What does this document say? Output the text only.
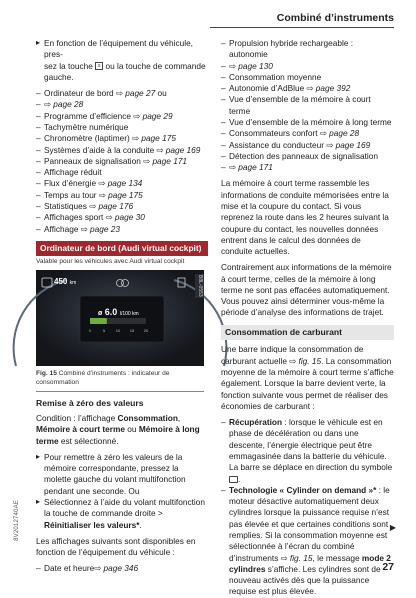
Combiné d’instruments
▸ En fonction de l’équipement du véhicule, pres-
sez la touche ≡ ou la touche de commande
gauche.
– Ordinateur de bord ⇨ page 27 ou
– ⇨ page 28
– Programme d’efficience ⇨ page 29
– Tachymètre numérique
– Chronomètre (laptimer) ⇨ page 175
– Systèmes d’aide à la conduite ⇨ page 169
– Panneaux de signalisation ⇨ page 171
– Affichage réduit
– Flux d’énergie ⇨ page 134
– Temps au tour ⇨ page 175
– Statistiques ⇨ page 176
– Affichages sport ⇨ page 30
– Affichage ⇨ page 23
Ordinateur de bord (Audi virtual cockpit)
Valable pour les véhicules avec Audi virtual cockpit
0	5	10 15 20
450 km
ø 6.0 l/100 km
B8L-0553
Fig. 15 Combiné d’instruments : indicateur de consommation
Remise à zéro des valeurs

Condition : l’affichage Consommation, Mémoire à court terme ou Mémoire à long terme est sélectionné.

▸ Pour remettre à zéro les valeurs de la mémoire correspondante, pressez la molette gauche du volant multifonction pendant une seconde. Ou
▸ Sélectionnez à l’aide du volant multifonction la touche de commande droite > Réinitialiser les valeurs*.

Les affichages suivants sont disponibles en fonction de l’équipement du véhicule :

– Date et heure⇨ page 346
– Propulsion hybride rechargeable : autonomie
– ⇨ page 130
– Consommation moyenne
– Autonomie d’AdBlue ⇨ page 392
– Vue d’ensemble de la mémoire à court terme
– Vue d’ensemble de la mémoire à long terme
– Consommateurs confort ⇨ page 28
– Assistance du conducteur ⇨ page 169
– Détection des panneaux de signalisation
– ⇨ page 171

La mémoire à court terme rassemble les informations de conduite mémorisées entre la mise et la coupure du contact. Si vous reprenez la route dans les 2 heures suivant la coupure du contact, les nouvelles données entrent dans le calcul des données de conduite actuelles.

Contrairement aux informations de la mémoire à court terme, celles de la mémoire à long terme ne sont pas effacées automatiquement. Vous pouvez ainsi déterminer vous-même la période d’analyse des informations de trajet.

Consommation de carburant

Une barre indique la consommation de carburant actuelle ⇨ fig. 15. La consommation moyenne de la mémoire à court terme s’affiche également. Lorsque la barre devient verte, la fonction suivante vous permet de réaliser des économies de carburant :

– Récupération : lorsque le véhicule est en phase de décélération ou dans une descente, l’énergie électrique peut être emmagasinée dans la batterie du véhicule. La barre se déplace en direction du symbole .
– Technologie « Cylinder on demand »* : le moteur désactive automatiquement deux cylindres lorsque la puissance requise n’est pas élevée et que certaines conditions sont remplies. Si la consommation moyenne est sélectionnée à l’écran du combiné d’instruments ⇨ fig. 15, le message mode 2 cylindres s’affiche. Les cylindres sont de nouveau activés dès que la puissance requise est plus élevée.
▶
8V2012740AE
27
